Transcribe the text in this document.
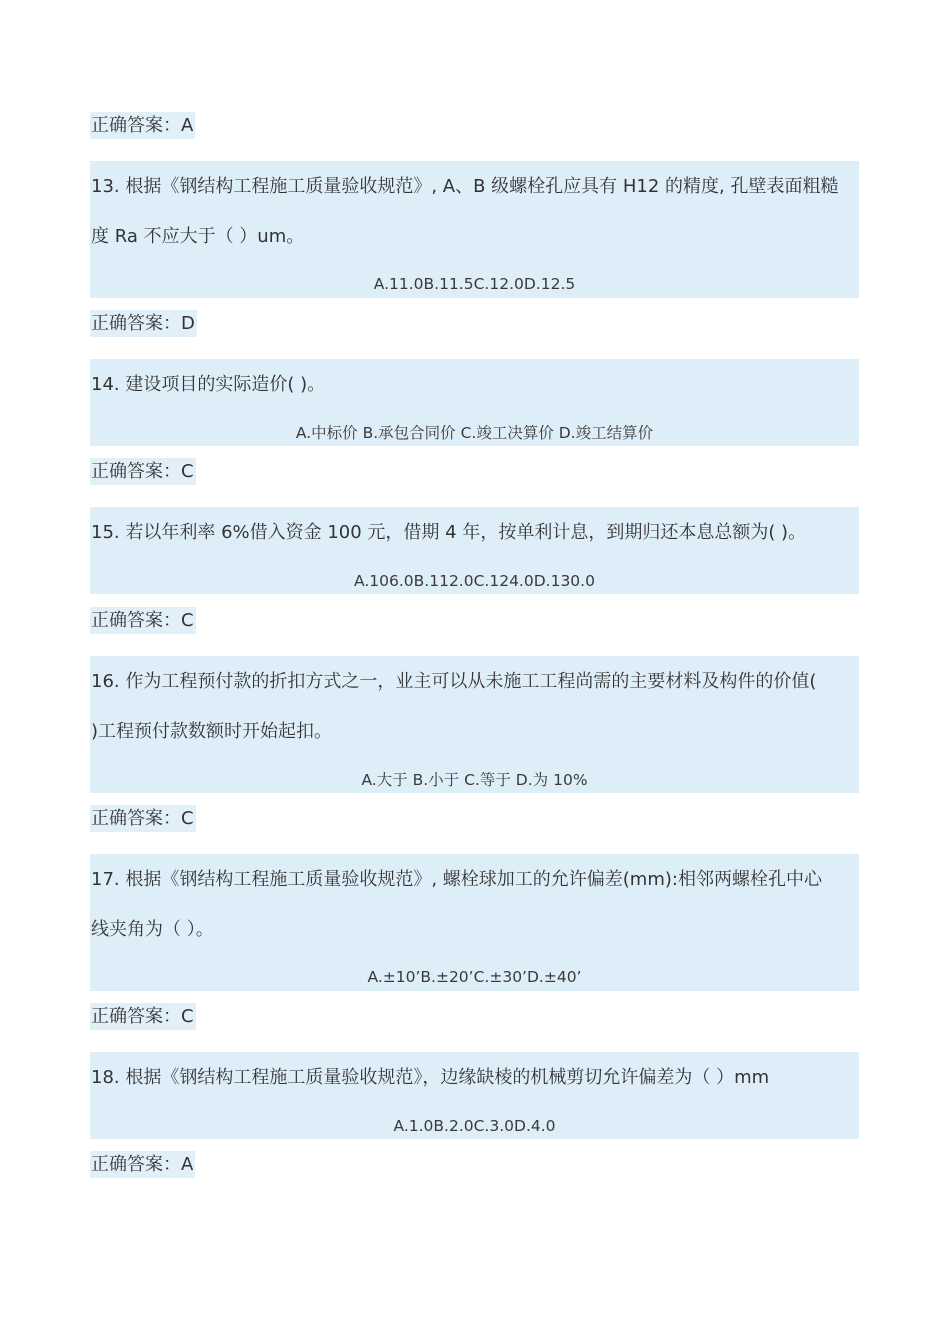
正确答案：A
13. 根据《钢结构工程施工质量验收规范》, A、B 级螺栓孔应具有 H12 的精度, 孔壁表面粗糙
度 Ra 不应大于（ ）um。
A.11.0B.11.5C.12.0D.12.5
正确答案：D
14. 建设项目的实际造价( )。
A.中标价 B.承包合同价 C.竣工决算价 D.竣工结算价
正确答案：C
15. 若以年利率 6%借入资金 100 元，借期 4 年，按单利计息，到期归还本息总额为( )。
A.106.0B.112.0C.124.0D.130.0
正确答案：C
16. 作为工程预付款的折扣方式之一，业主可以从未施工工程尚需的主要材料及构件的价值(
)工程预付款数额时开始起扣。
A.大于 B.小于 C.等于 D.为 10%
正确答案：C
17. 根据《钢结构工程施工质量验收规范》, 螺栓球加工的允许偏差(mm):相邻两螺栓孔中心
线夹角为（ ）。
A.±10’B.±20’C.±30’D.±40’
正确答案：C
18. 根据《钢结构工程施工质量验收规范》，边缘缺棱的机械剪切允许偏差为（ ）mm
A.1.0B.2.0C.3.0D.4.0
正确答案：A
